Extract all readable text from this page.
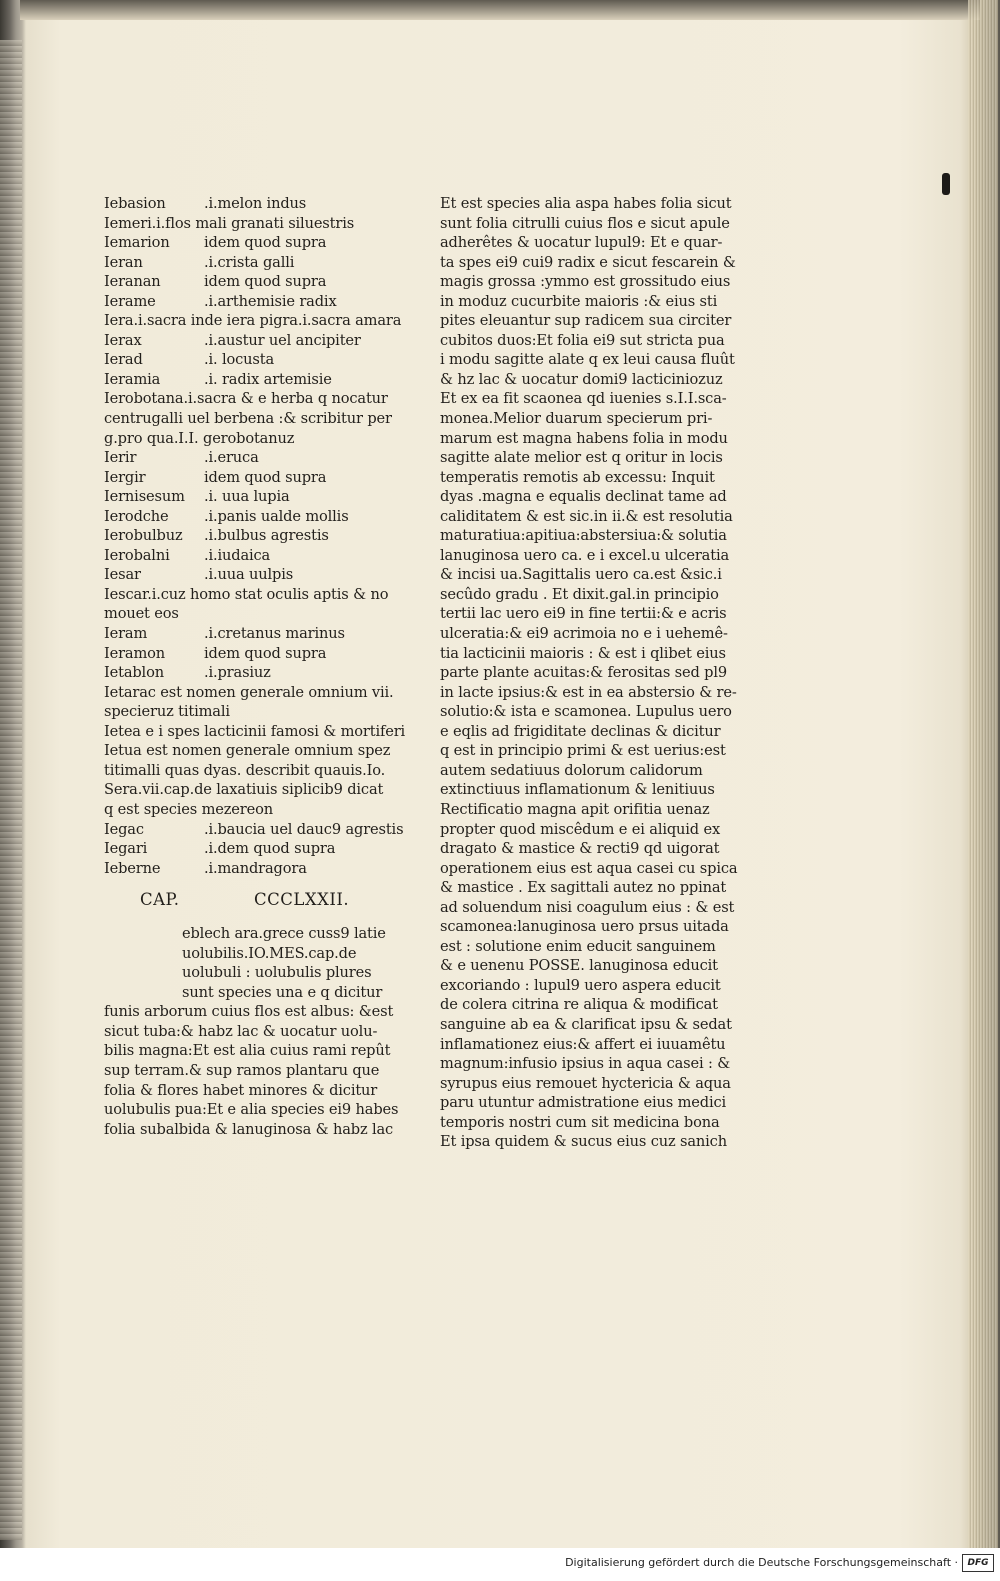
Iebasion	.i.melon indus
Iemeri.i.flos mali granati siluestris
Iemarion idem quod supra
Ieran	.i.crista galli
Ieranan	idem quod supra
Ierame	.i.arthemisie radix
Iera.i.sacra inde iera pigra.i.sacra amara
Ierax	.i.austur uel ancipiter
Ierad	.i. locusta
Ieramia	.i. radix artemisie
Ierobotana.i.sacra & e herba q nocatur
centrugalli uel berbena :& scribitur per
g.pro qua.I.I. gerobotanuz
Ierir	.i.eruca
Iergir	idem quod supra
Iernisesum .i. uua lupia
Ierodche .i.panis ualde mollis
Ierobulbuz .i.bulbus agrestis
Ierobalni .i.iudaica
Iesar	.i.uua uulpis
Iescar.i.cuz homo stat oculis aptis & no
mouet eos
Ieram	.i.cretanus marinus
Ieramon	idem quod supra
Ietablon	.i.prasiuz
Ietarac est nomen generale omnium vii.
specieruz titimali
Ietea e i spes lacticinii famosi & mortiferi
Ietua est nomen generale omnium spez
titimalli quas dyas. describit quauis.Io.
Sera.vii.cap.de laxatiuis siplicib9 dicat
q est species mezereon
Iegac	.i.baucia uel dauc9 agrestis
Iegari	.i.dem quod supra
Ieberne	.i.mandragora
CAP.	CCCLXXII.
eblech ara.grece cuss9 latie
uolubilis.IO.MES.cap.de
uolubuli : uolubulis plures
sunt species una e q dicitur
funis arborum cuius flos est albus: &est
sicut tuba:& habz lac & uocatur uolu-
bilis magna:Et est alia cuius rami repût
sup terram.& sup ramos plantaru que
folia & flores habet minores & dicitur
uolubulis pua:Et e alia species ei9 habes
folia subalbida & lanuginosa & habz lac
Et est species alia aspa habes folia sicut
sunt folia citrulli cuius flos e sicut apule
adherêtes & uocatur lupul9: Et e quar-
ta spes ei9 cui9 radix e sicut fescarein &
magis grossa :ymmo est grossitudo eius
in moduz cucurbite maioris :& eius sti
pites eleuantur sup radicem sua circiter
cubitos duos:Et folia ei9 sut stricta pua
i modu sagitte alate q ex leui causa fluût
& hz lac & uocatur domi9 lacticiniozuz
Et ex ea fit scaonea qd iuenies s.I.I.sca-
monea.Melior duarum specierum pri-
marum est magna habens folia in modu
sagitte alate melior est q oritur in locis
temperatis remotis ab excessu: Inquit
dyas .magna e equalis declinat tame ad
caliditatem & est sic.in ii.& est resolutia
maturatiua:apitiua:abstersiua:& solutia
lanuginosa uero ca. e i excel.u ulceratia
& incisi ua.Sagittalis uero ca.est &sic.i
secûdo gradu . Et dixit.gal.in principio
tertii lac uero ei9 in fine tertii:& e acris
ulceratia:& ei9 acrimoia no e i uehemê-
tia lacticinii maioris : & est i qlibet eius
parte plante acuitas:& ferositas sed pl9
in lacte ipsius:& est in ea abstersio & re-
solutio:& ista e scamonea. Lupulus uero
e eqlis ad frigiditate declinas & dicitur
q est in principio primi & est uerius:est
autem sedatiuus dolorum calidorum
extinctiuus inflamationum & lenitiuus
Rectificatio magna apit orifitia uenaz
propter quod miscêdum e ei aliquid ex
dragato & mastice & recti9 qd uigorat
operationem eius est aqua casei cu spica
& mastice . Ex sagittali autez no ppinat
ad soluendum nisi coagulum eius : & est
scamonea:lanuginosa uero prsus uitada
est : solutione enim educit sanguinem
& e uenenu POSSE. lanuginosa educit
excoriando : lupul9 uero aspera educit
de colera citrina re aliqua & modificat
sanguine ab ea & clarificat ipsu & sedat
inflamationez eius:& affert ei iuuamêtu
magnum:infusio ipsius in aqua casei : &
syrupus eius remouet hyctericia & aqua
paru utuntur admistratione eius medici
temporis nostri cum sit medicina bona
Et ipsa quidem & sucus eius cuz sanich
Digitalisierung gefördert durch die Deutsche Forschungsgemeinschaft ·	DFG
